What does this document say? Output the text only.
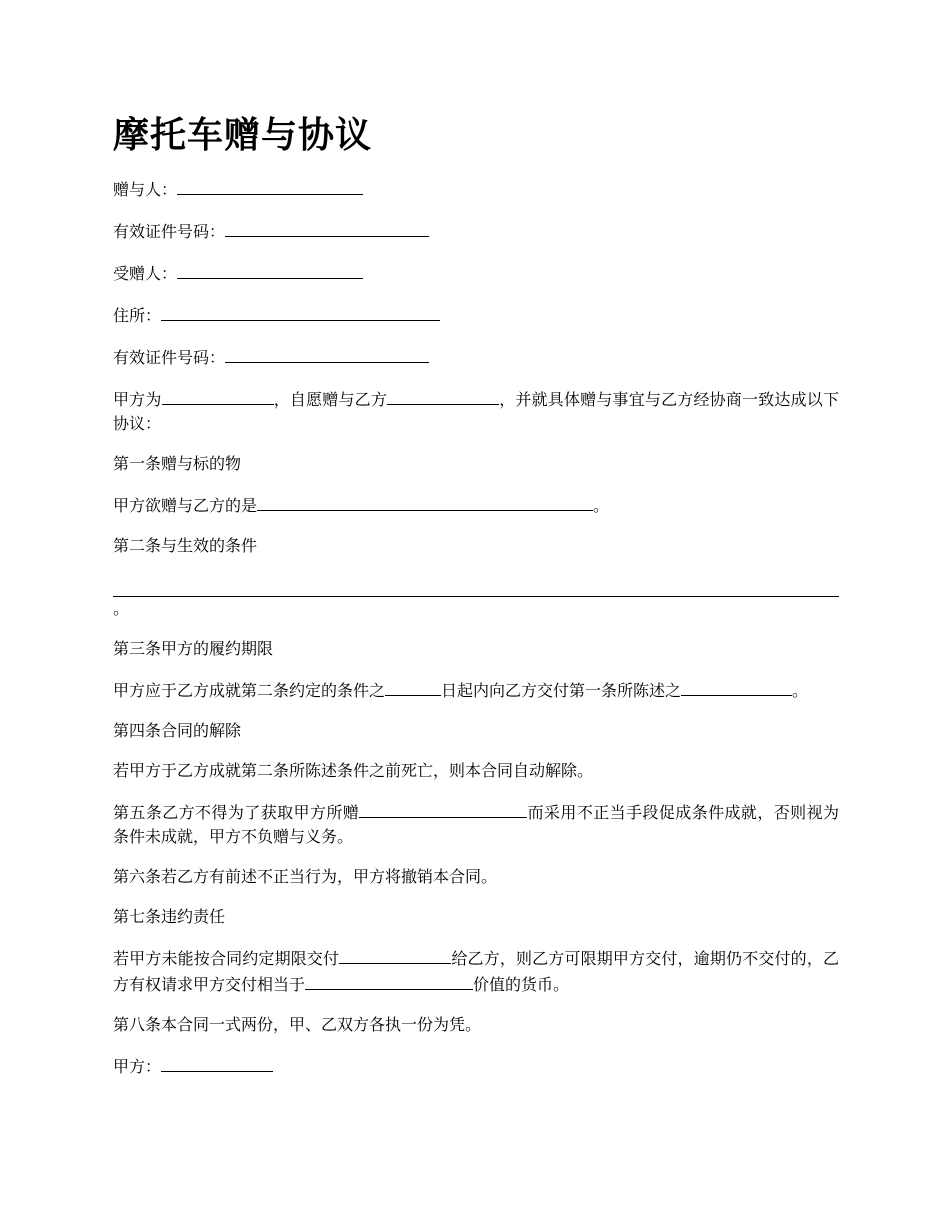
摩托车赠与协议

赠与人：

有效证件号码：

受赠人：

住所：

有效证件号码：

甲方为	，自愿赠与乙方	，并就具体赠与事宜与乙方经协商一致达成以下协议：

第一条赠与标的物

甲方欲赠与乙方的是	。

第二条与生效的条件

。

第三条甲方的履约期限

甲方应于乙方成就第二条约定的条件之	日起内向乙方交付第一条所陈述之	。

第四条合同的解除

若甲方于乙方成就第二条所陈述条件之前死亡，则本合同自动解除。

第五条乙方不得为了获取甲方所赠	而采用不正当手段促成条件成就，否则视为条件未成就，甲方不负赠与义务。

第六条若乙方有前述不正当行为，甲方将撤销本合同。

第七条违约责任

若甲方未能按合同约定期限交付	给乙方，则乙方可限期甲方交付，逾期仍不交付的，乙方有权请求甲方交付相当于	价值的货币。

第八条本合同一式两份，甲、乙双方各执一份为凭。

甲方：
